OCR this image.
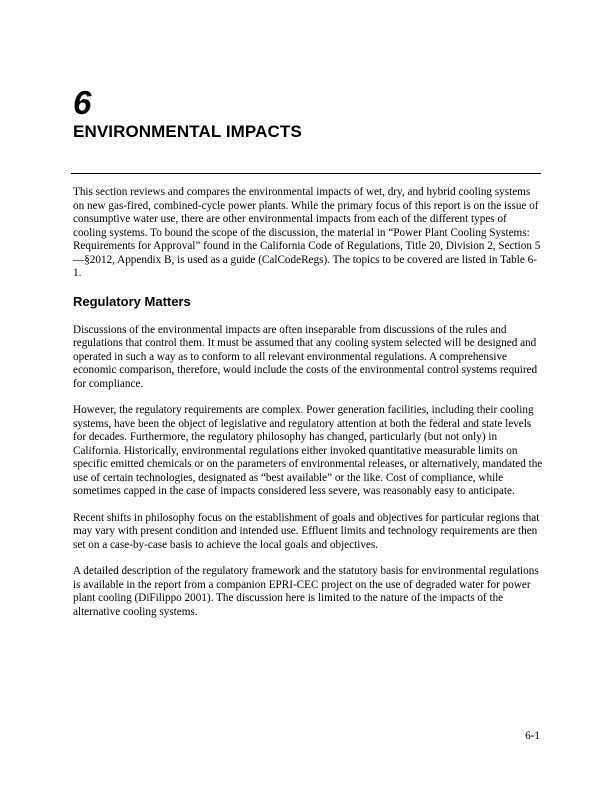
6
ENVIRONMENTAL IMPACTS

This section reviews and compares the environmental impacts of wet, dry, and hybrid cooling systems on new gas-fired, combined-cycle power plants. While the primary focus of this report is on the issue of consumptive water use, there are other environmental impacts from each of the different types of cooling systems. To bound the scope of the discussion, the material in “Power Plant Cooling Systems: Requirements for Approval” found in the California Code of Regulations, Title 20, Division 2, Section 5—§2012, Appendix B, is used as a guide (CalCodeRegs). The topics to be covered are listed in Table 6-1.

Regulatory Matters

Discussions of the environmental impacts are often inseparable from discussions of the rules and regulations that control them. It must be assumed that any cooling system selected will be designed and operated in such a way as to conform to all relevant environmental regulations. A comprehensive economic comparison, therefore, would include the costs of the environmental control systems required for compliance.

However, the regulatory requirements are complex. Power generation facilities, including their cooling systems, have been the object of legislative and regulatory attention at both the federal and state levels for decades. Furthermore, the regulatory philosophy has changed, particularly (but not only) in California. Historically, environmental regulations either invoked quantitative measurable limits on specific emitted chemicals or on the parameters of environmental releases, or alternatively, mandated the use of certain technologies, designated as “best available” or the like. Cost of compliance, while sometimes capped in the case of impacts considered less severe, was reasonably easy to anticipate.

Recent shifts in philosophy focus on the establishment of goals and objectives for particular regions that may vary with present condition and intended use. Effluent limits and technology requirements are then set on a case-by-case basis to achieve the local goals and objectives.

A detailed description of the regulatory framework and the statutory basis for environmental regulations is available in the report from a companion EPRI-CEC project on the use of degraded water for power plant cooling (DiFilippo 2001). The discussion here is limited to the nature of the impacts of the alternative cooling systems.

6-1
